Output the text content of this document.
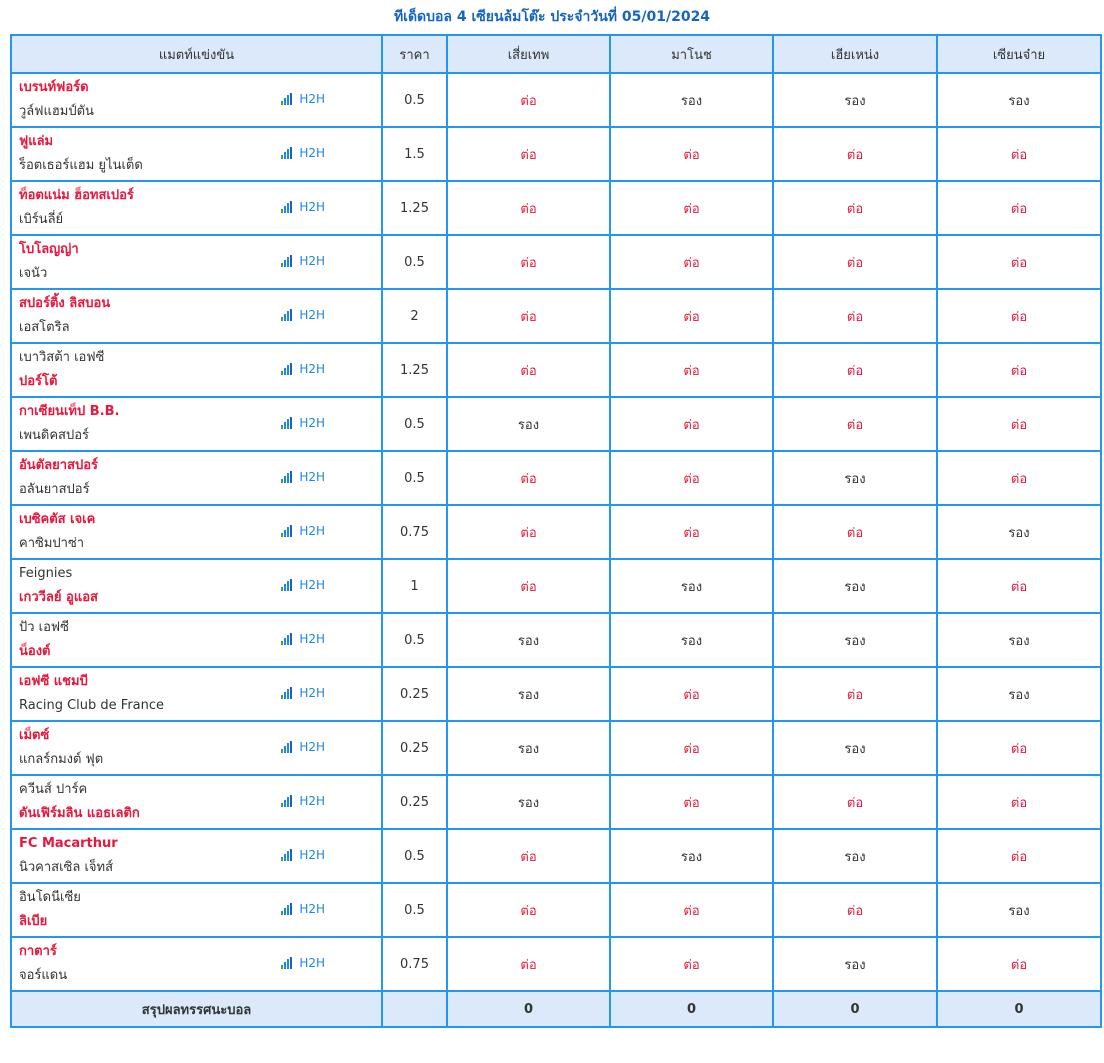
ทีเด็ดบอล 4 เซียนล้มโต๊ะ ประจำวันที่ 05/01/2024
แมตท์แข่งขัน	ราคา	เสี่ยเทพ	มาโนช	เฮียเหน่ง	เซียนจ๋าย

เบรนท์ฟอร์ด
วูล์ฟแฮมป์ตัน
H2H	0.5	ต่อ	รอง	รอง	รอง

ฟูแล่ม
ร็อตเธอร์แฮม ยูไนเต็ด
H2H	1.5	ต่อ	ต่อ	ต่อ	ต่อ

ท็อตแน่ม ฮ็อทสเปอร์
เบิร์นลี่ย์
H2H	1.25	ต่อ	ต่อ	ต่อ	ต่อ

โบโลญญ่า
เจนัว
H2H	0.5	ต่อ	ต่อ	ต่อ	ต่อ

สปอร์ติ้ง ลิสบอน
เอสโตริล
H2H	2	ต่อ	ต่อ	ต่อ	ต่อ

เบาวิสต้า เอฟซี
ปอร์โต้
H2H	1.25	ต่อ	ต่อ	ต่อ	ต่อ

กาเซียนเท็ป B.B.
เพนดิคสปอร์
H2H	0.5	รอง	ต่อ	ต่อ	ต่อ

อันตัลยาสปอร์
อลันยาสปอร์
H2H	0.5	ต่อ	ต่อ	รอง	ต่อ

เบซิคตัส เจเค
คาซิมปาซ่า
H2H	0.75	ต่อ	ต่อ	ต่อ	รอง

Feignies
เกววีลย์ อูแอส
H2H	1	ต่อ	รอง	รอง	ต่อ

ปัว เอฟซี
น็องต์
H2H	0.5	รอง	รอง	รอง	รอง

เอฟซี แชมบี
Racing Club de France
H2H	0.25	รอง	ต่อ	ต่อ	รอง

เม็ตซ์
แกลร์กมงต์ ฟุต
H2H	0.25	รอง	ต่อ	รอง	ต่อ

ควีนส์ ปาร์ค
ดันเฟิร์มลิน แอธเลติก
H2H	0.25	รอง	ต่อ	ต่อ	ต่อ

FC Macarthur
นิวคาสเซิล เจ็ทส์
H2H	0.5	ต่อ	รอง	รอง	ต่อ

อินโดนีเซีย
ลิเบีย
H2H	0.5	ต่อ	ต่อ	ต่อ	รอง

กาตาร์
จอร์แดน
H2H	0.75	ต่อ	ต่อ	รอง	ต่อ
สรุปผลทรรศนะบอล		0	0	0	0
